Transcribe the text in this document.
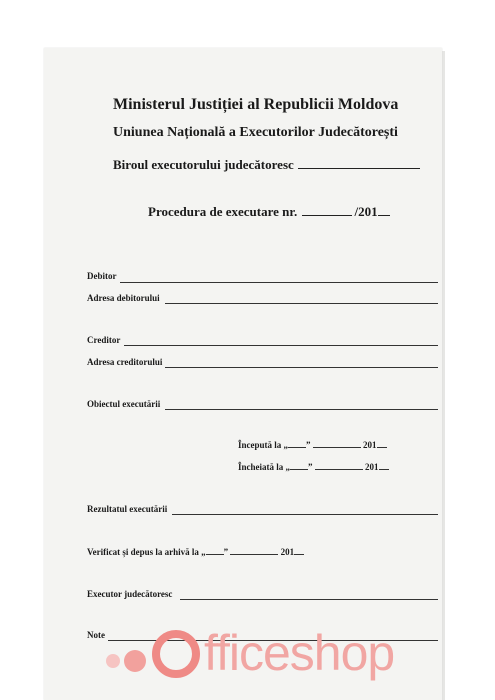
Ministerul Justiției al Republicii Moldova
Uniunea Națională a Executorilor Judecătorești
Biroul executorului judecătoresc
Procedura de executare nr.	/201
Debitor
Adresa debitorului
Creditor
Adresa creditorului
Obiectul executării
Începută la „ ”	201
Încheiată la „ ”	201
Rezultatul executării
Verificat și depus la arhivă la „ ”	201
Executor judecătoresc
Note fficeshop
